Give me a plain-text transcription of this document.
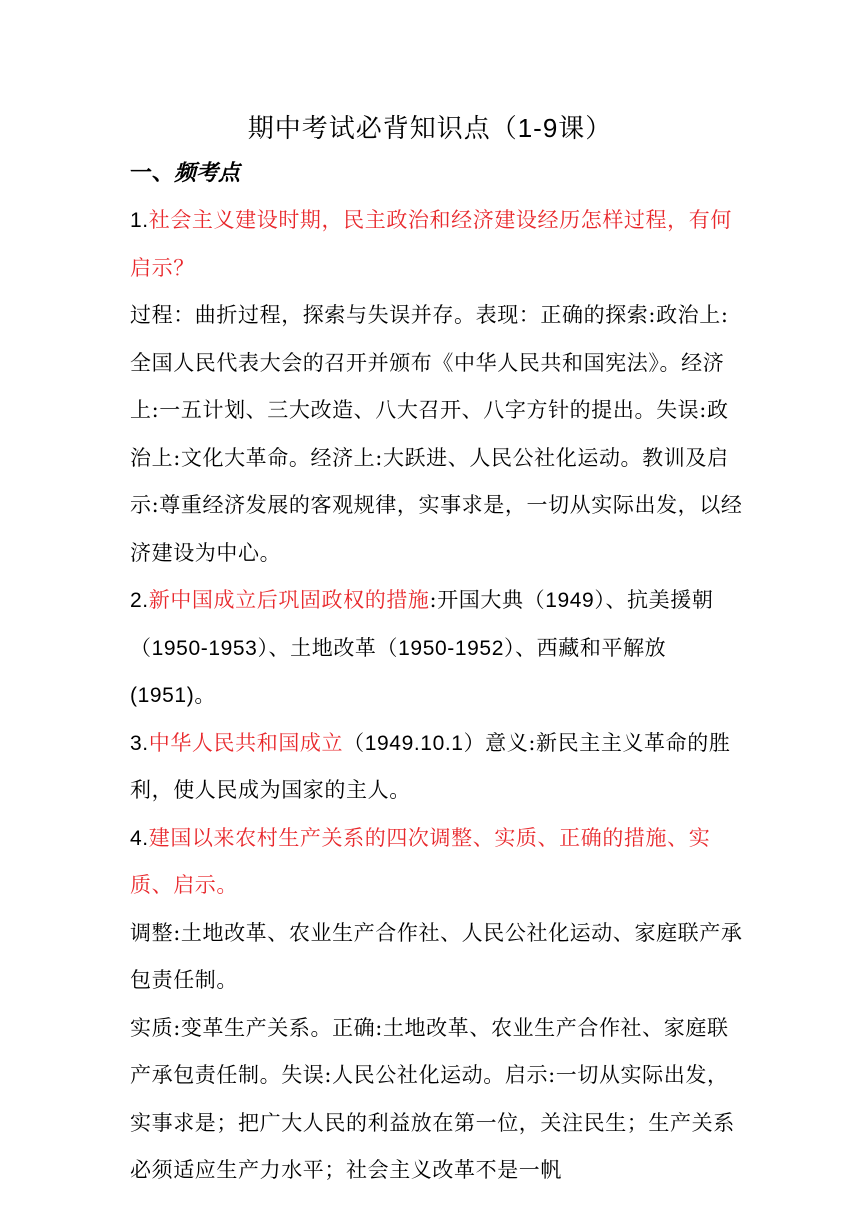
期中考试必背知识点（1-9课）
一、频考点

1.社会主义建设时期，民主政治和经济建设经历怎样过程，有何启示？

过程：曲折过程，探索与失误并存。表现：正确的探索:政治上:全国人民代表大会的召开并颁布《中华人民共和国宪法》。经济上:一五计划、三大改造、八大召开、八字方针的提出。失误:政治上:文化大革命。经济上:大跃进、人民公社化运动。教训及启示:尊重经济发展的客观规律，实事求是，一切从实际出发，以经济建设为中心。

2.新中国成立后巩固政权的措施:开国大典（1949）、抗美援朝（1950-1953）、土地改革（1950-1952）、西藏和平解放(1951)。

3.中华人民共和国成立（1949.10.1）意义:新民主主义革命的胜利，使人民成为国家的主人。

4.建国以来农村生产关系的四次调整、实质、正确的措施、实质、启示。

调整:土地改革、农业生产合作社、人民公社化运动、家庭联产承包责任制。

实质:变革生产关系。正确:土地改革、农业生产合作社、家庭联产承包责任制。失误:人民公社化运动。启示:一切从实际出发，实事求是；把广大人民的利益放在第一位，关注民生；生产关系必须适应生产力水平；社会主义改革不是一帆
